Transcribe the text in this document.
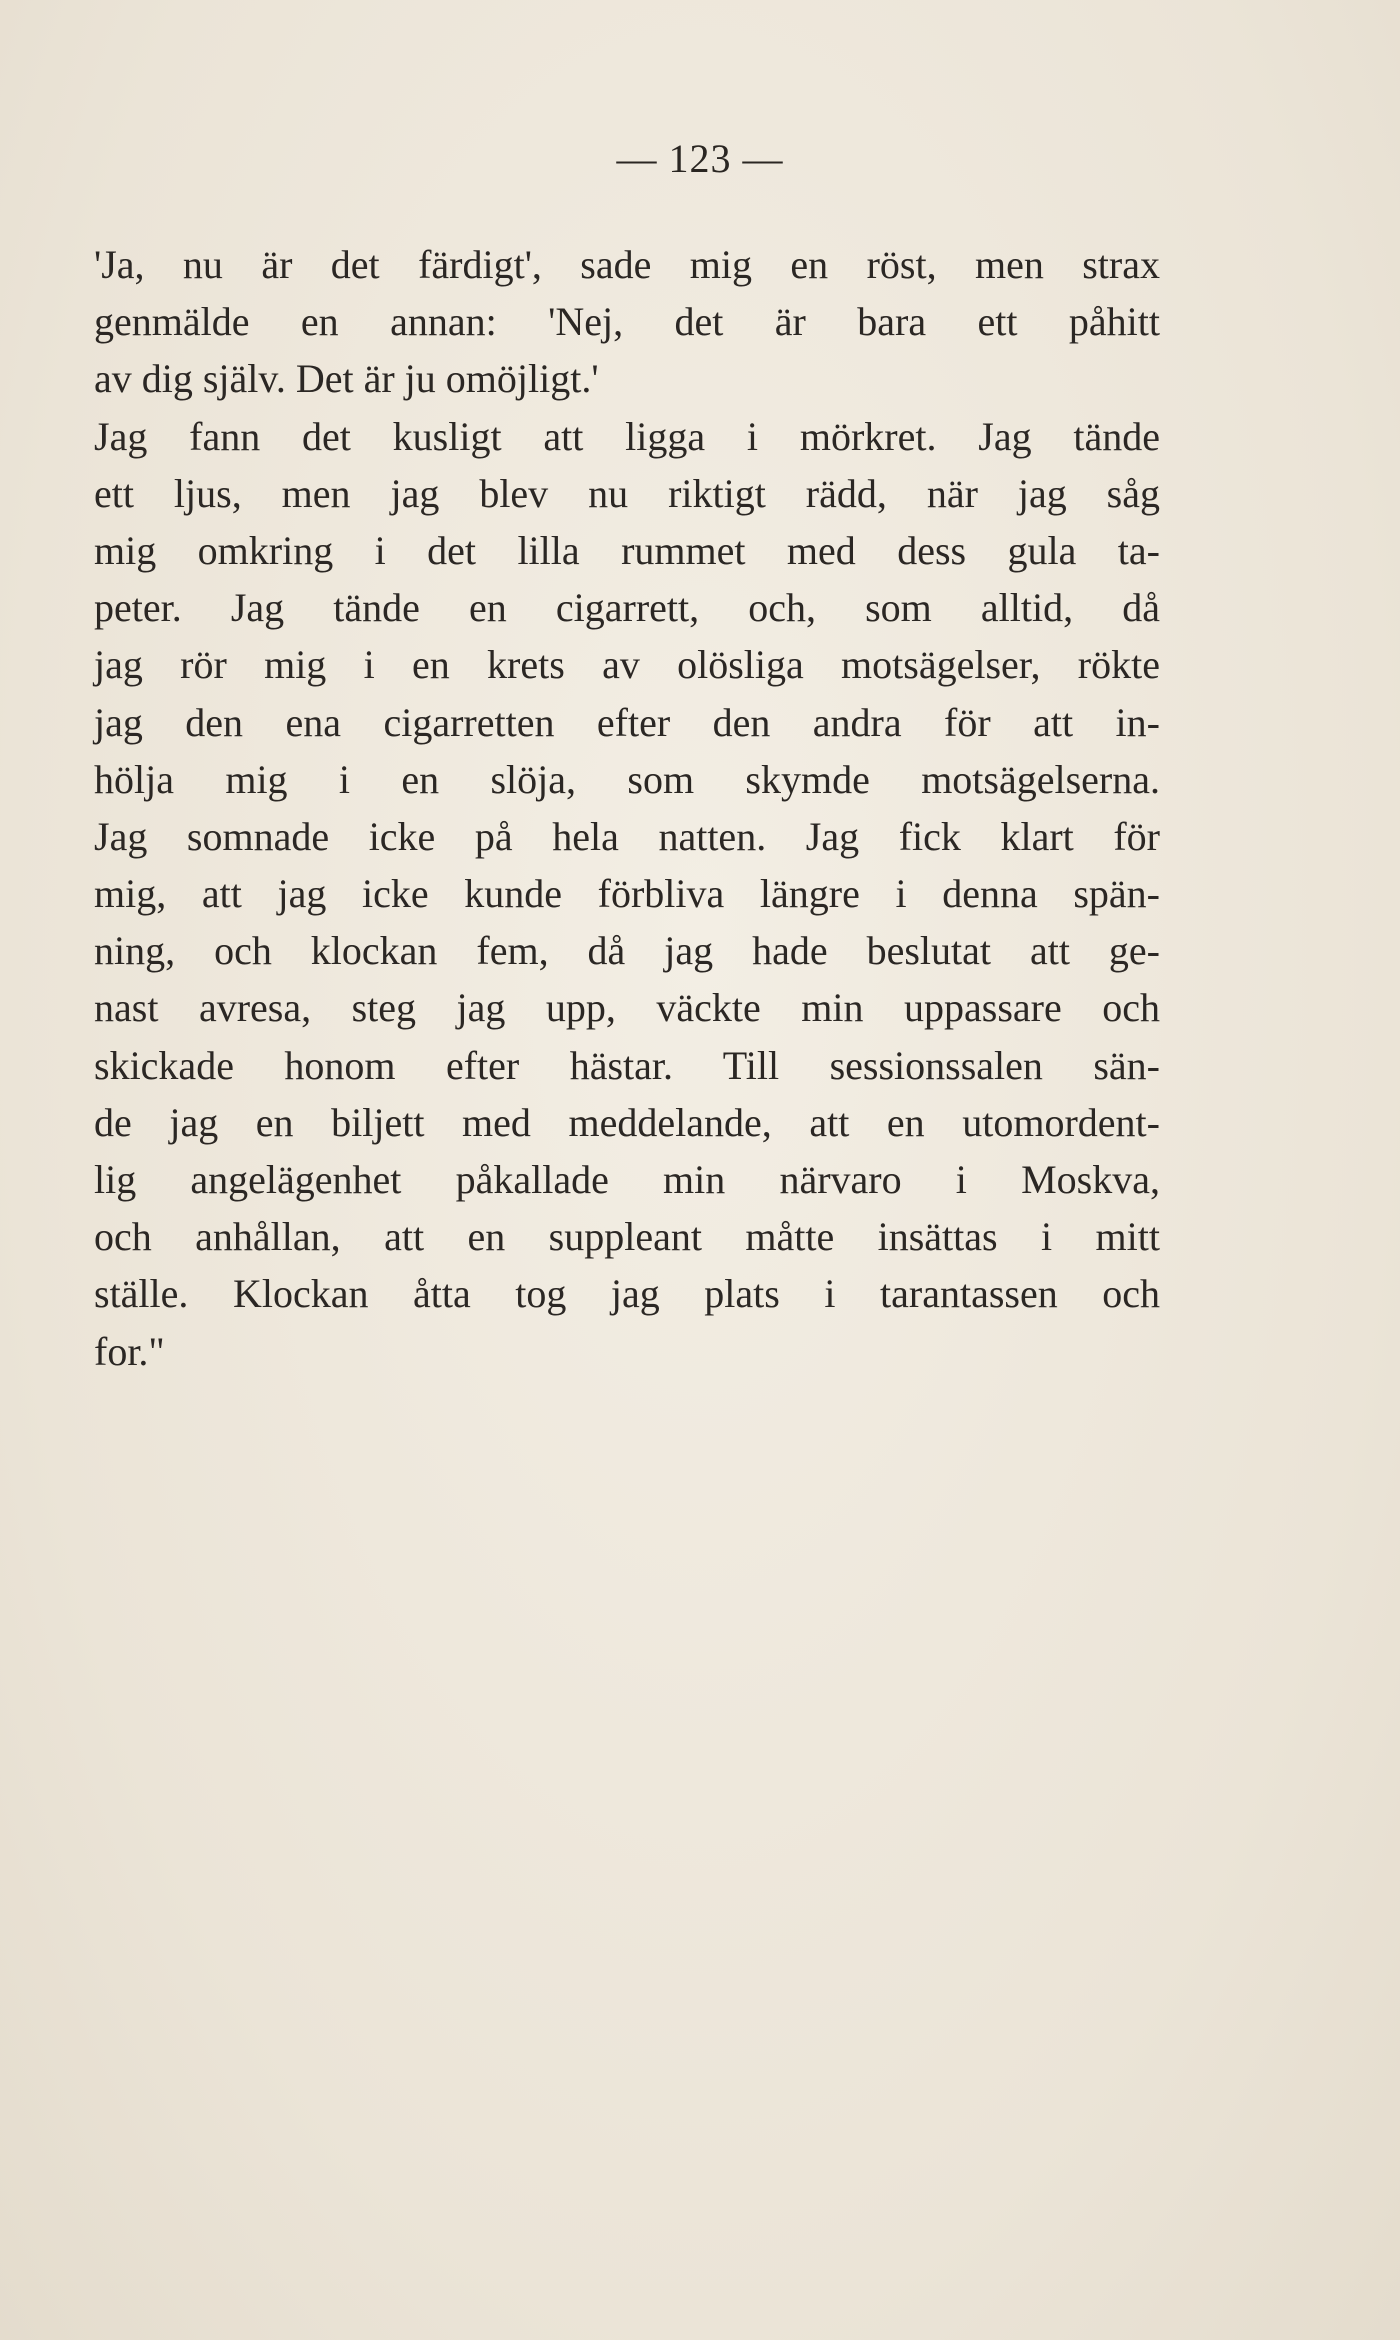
— 123 —
'Ja, nu är det färdigt', sade mig en röst, men strax
genmälde en annan: 'Nej, det är bara ett påhitt
av dig själv. Det är ju omöjligt.'
Jag fann det kusligt att ligga i mörkret. Jag tände
ett ljus, men jag blev nu riktigt rädd, när jag såg
mig omkring i det lilla rummet med dess gula ta-
peter. Jag tände en cigarrett, och, som alltid, då
jag rör mig i en krets av olösliga motsägelser, rökte
jag den ena cigarretten efter den andra för att in-
hölja mig i en slöja, som skymde motsägelserna.
Jag somnade icke på hela natten. Jag fick klart för
mig, att jag icke kunde förbliva längre i denna spän-
ning, och klockan fem, då jag hade beslutat att ge-
nast avresa, steg jag upp, väckte min uppassare och
skickade honom efter hästar. Till sessionssalen sän-
de jag en biljett med meddelande, att en utomordent-
lig angelägenhet påkallade min närvaro i Moskva,
och anhållan, att en suppleant måtte insättas i mitt
ställe. Klockan åtta tog jag plats i tarantassen och
for."
